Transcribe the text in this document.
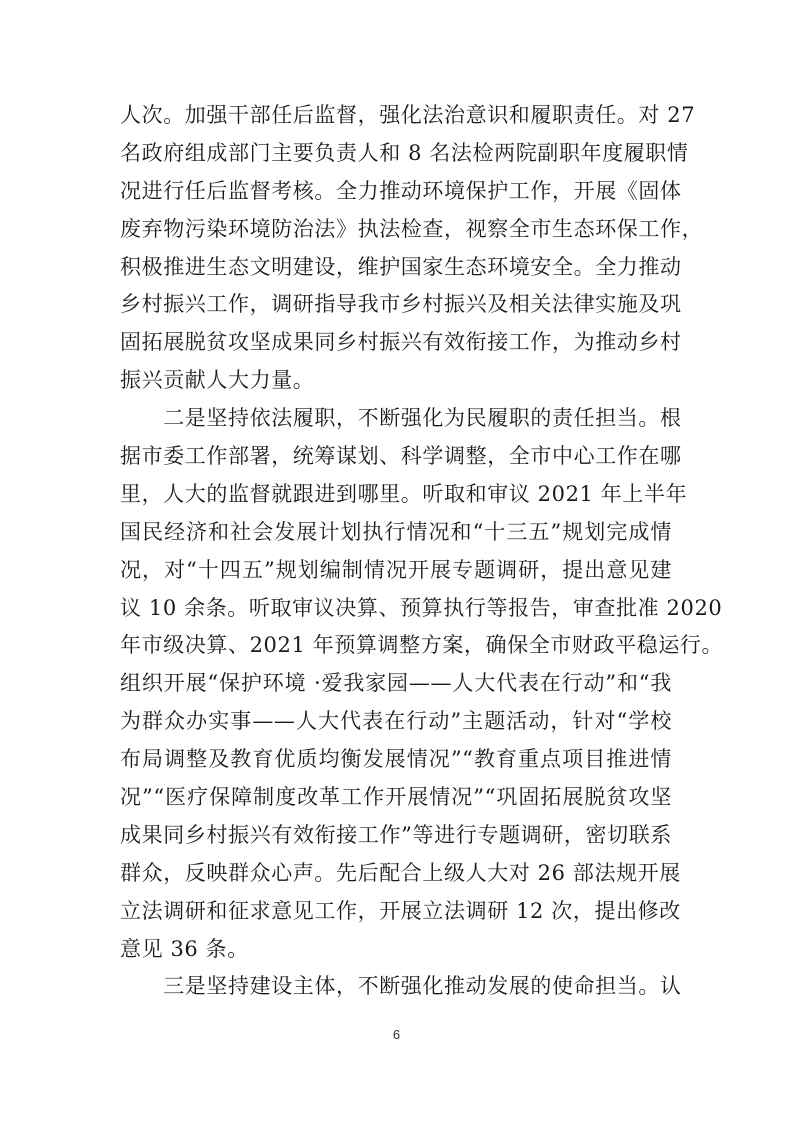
人次。加强干部任后监督，强化法治意识和履职责任。对 27
名政府组成部门主要负责人和 8 名法检两院副职年度履职情
况进行任后监督考核。全力推动环境保护工作，开展《固体
废弃物污染环境防治法》执法检查，视察全市生态环保工作，
积极推进生态文明建设，维护国家生态环境安全。全力推动
乡村振兴工作，调研指导我市乡村振兴及相关法律实施及巩
固拓展脱贫攻坚成果同乡村振兴有效衔接工作，为推动乡村
振兴贡献人大力量。
　　二是坚持依法履职，不断强化为民履职的责任担当。根
据市委工作部署，统筹谋划、科学调整，全市中心工作在哪
里，人大的监督就跟进到哪里。听取和审议 2021 年上半年
国民经济和社会发展计划执行情况和“十三五”规划完成情
况，对“十四五”规划编制情况开展专题调研，提出意见建
议 10 余条。听取审议决算、预算执行等报告，审查批准 2020
年市级决算、2021 年预算调整方案，确保全市财政平稳运行。
组织开展“保护环境 ·爱我家园——人大代表在行动”和“我
为群众办实事——人大代表在行动”主题活动，针对“学校
布局调整及教育优质均衡发展情况”“教育重点项目推进情
况”“医疗保障制度改革工作开展情况”“巩固拓展脱贫攻坚
成果同乡村振兴有效衔接工作”等进行专题调研，密切联系
群众，反映群众心声。先后配合上级人大对 26 部法规开展
立法调研和征求意见工作，开展立法调研 12 次，提出修改
意见 36 条。
　　三是坚持建设主体，不断强化推动发展的使命担当。认
6
